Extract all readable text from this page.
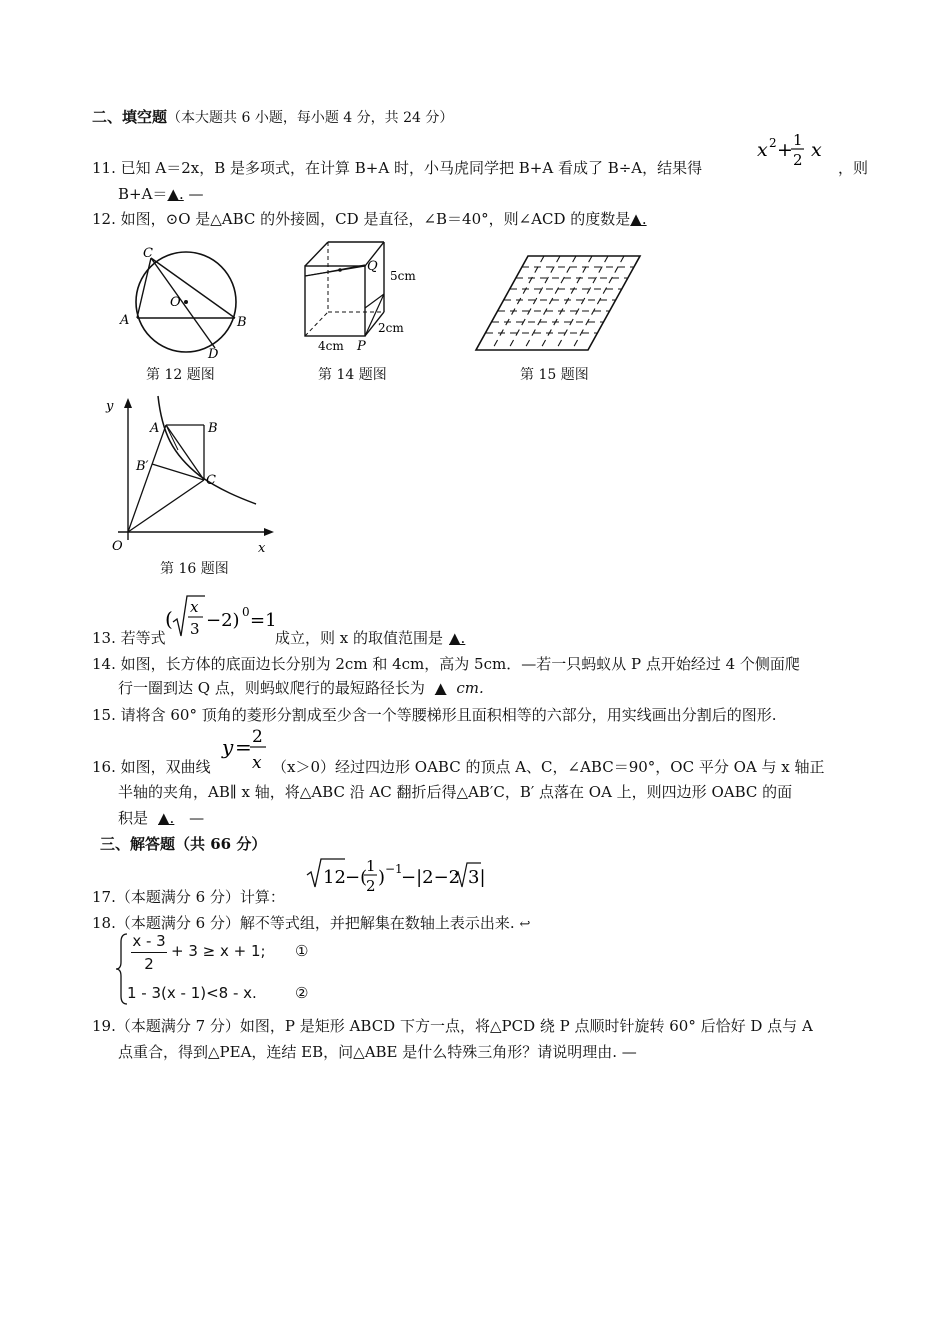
二、填空题（本大题共 6 小题，每小题 4 分，共 24 分）
x 2 + 1
2 x
11. 已知 A＝2x，B 是多项式，在计算 B+A 时，小马虎同学把 B+A 看成了 B÷A，结果得	，则
B+A＝▲. —
12. 如图，⊙O 是△ABC 的外接圆，CD 是直径，∠B＝40°，则∠ACD 的度数是▲.
C
A	B
O
D
第 12 题图
Q
5cm
2cm
4cm P
第 14 题图	第 15 题图
y
x
O
A	B
B′
C
第 16 题图
( x
3 −2) 0 =1
13. 若等式	成立，则 x 的取值范围是 ▲.
14. 如图，长方体的底面边长分别为 2cm 和 4cm，高为 5cm．—若一只蚂蚁从 P 点开始经过 4 个侧面爬
行一圈到达 Q 点，则蚂蚁爬行的最短路径长为 ▲ cm.
15. 请将含 60° 顶角的菱形分割成至少含一个等腰梯形且面积相等的六部分，用实线画出分割后的图形.
y = 2
x
16. 如图，双曲线	（x＞0）经过四边形 OABC 的顶点 A、C，∠ABC＝90°，OC 平分 OA 与 x 轴正
半轴的夹角，AB∥ x 轴，将△ABC 沿 AC 翻折后得△AB′C，B′ 点落在 OA 上，则四边形 OABC 的面
积是 ▲. —
三、解答题（共 66 分）
12 −(
1
2 ) −1
−|2−2 3|
17.（本题满分 6 分）计算：
18.（本题满分 6 分）解不等式组，并把解集在数轴上表示出来. ↩
x - 3
2
+ 3 ≥ x + 1; ①
1 - 3(x - 1)<8 - x.	②
19.（本题满分 7 分）如图，P 是矩形 ABCD 下方一点，将△PCD 绕 P 点顺时针旋转 60° 后恰好 D 点与 A
点重合，得到△PEA，连结 EB，问△ABE 是什么特殊三角形？请说明理由. —
